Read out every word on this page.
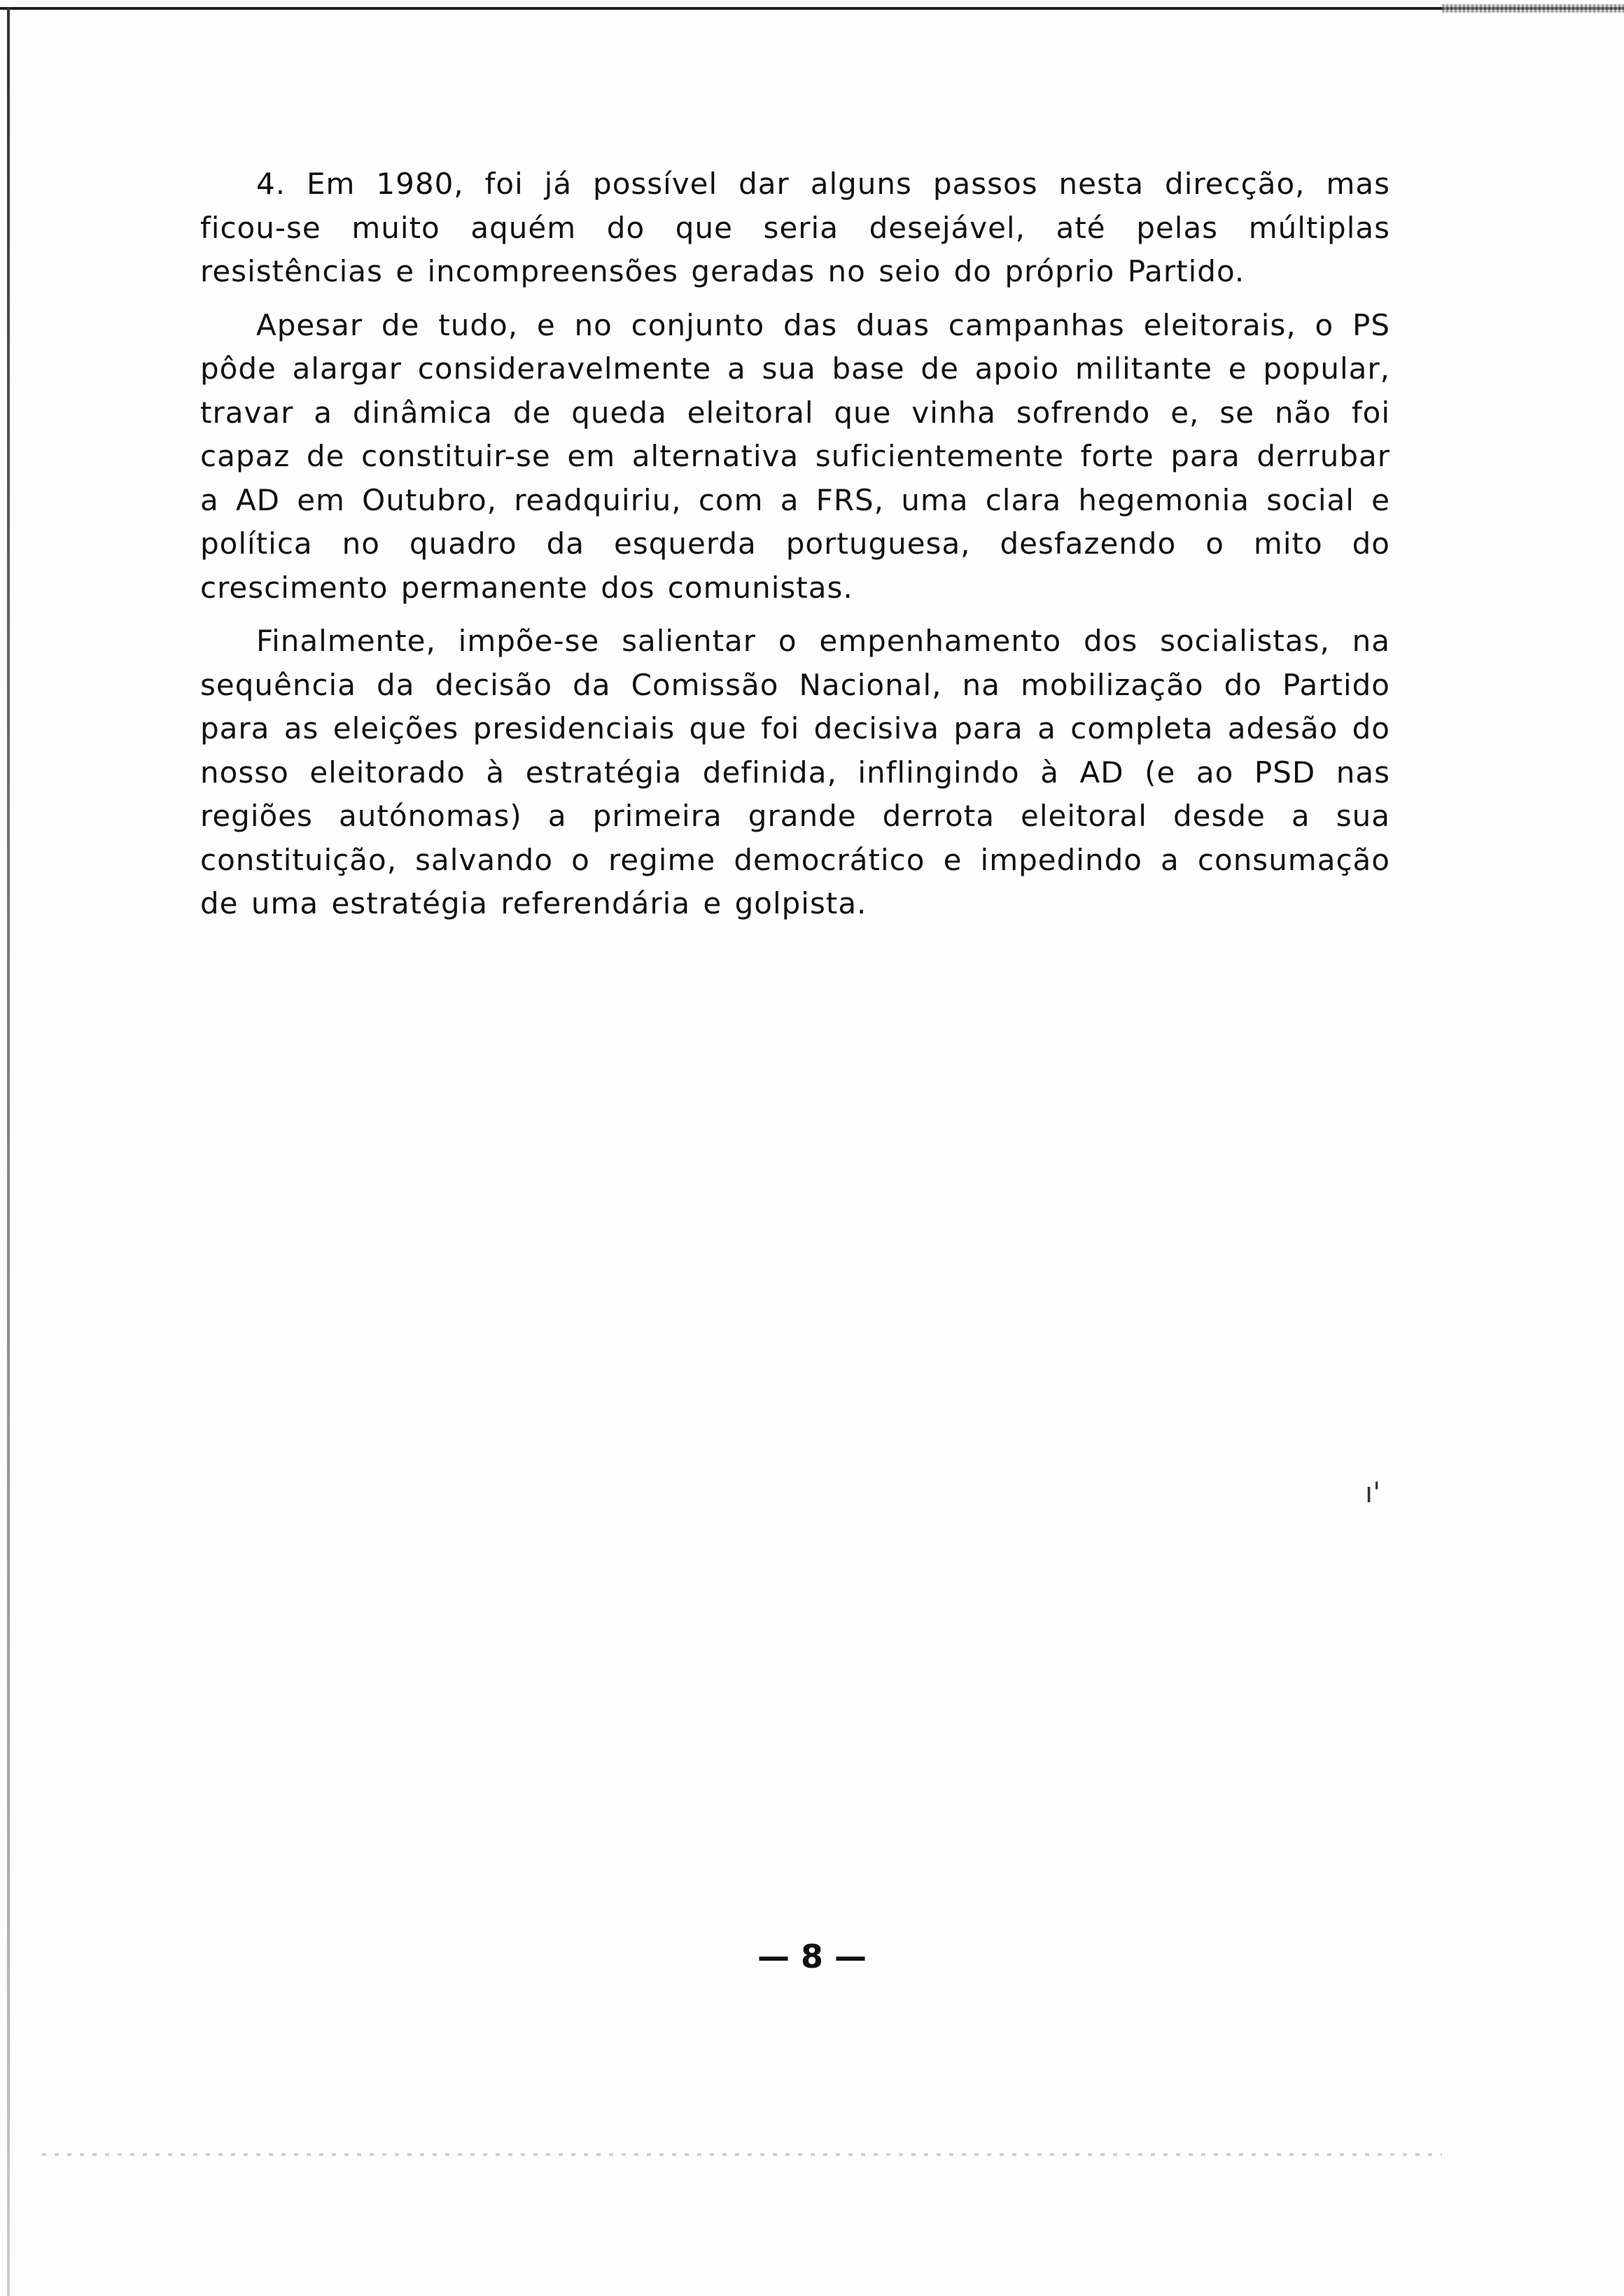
4. Em 1980, foi já possível dar alguns passos nesta direcção, mas ficou-se muito aquém do que seria desejável, até pelas múltiplas resistências e incompreensões geradas no seio do próprio Partido.

Apesar de tudo, e no conjunto das duas campanhas eleitorais, o PS pôde alargar consideravelmente a sua base de apoio militante e popular, travar a dinâmica de queda eleitoral que vinha sofrendo e, se não foi capaz de constituir-se em alternativa suficientemente forte para derrubar a AD em Outubro, readquiriu, com a FRS, uma clara hegemonia social e política no quadro da esquerda portuguesa, desfazendo o mito do crescimento permanente dos comunistas.

Finalmente, impõe-se salientar o empenhamento dos socialistas, na sequência da decisão da Comissão Nacional, na mobilização do Partido para as eleições presidenciais que foi decisiva para a completa adesão do nosso eleitorado à estratégia definida, inflingindo à AD (e ao PSD nas regiões autónomas) a primeira grande derrota eleitoral desde a sua constituição, salvando o regime democrático e impedindo a consumação de uma estratégia referendária e golpista.

ı'
— 8 —
